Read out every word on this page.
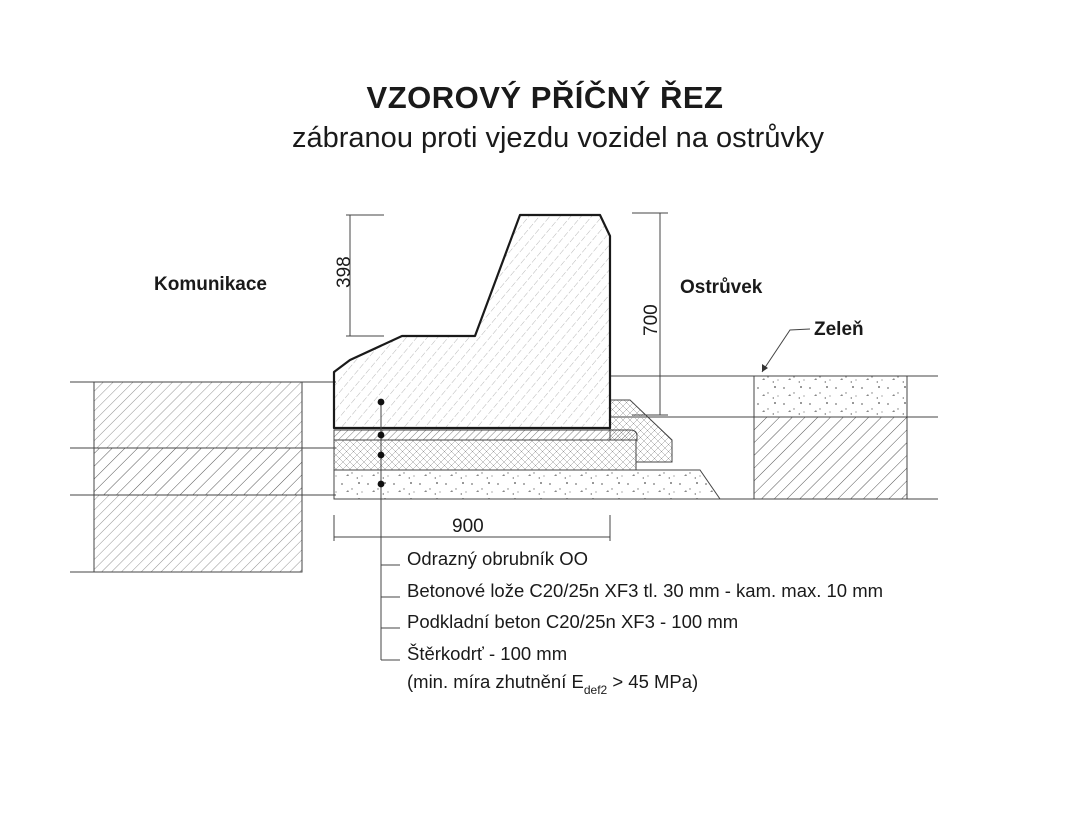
VZOROVÝ PŘÍČNÝ ŘEZ
zábranou proti vjezdu vozidel na ostrůvky
398
700
900
Komunikace	Ostrůvek
Zeleň
Odrazný obrubník OO
Betonové lože C20/25n XF3 tl. 30 mm - kam. max. 10 mm
Podkladní beton C20/25n XF3 - 100 mm
Štěrkodrť - 100 mm
(min. míra zhutnění $E_{def2} > 45$ MPa)
